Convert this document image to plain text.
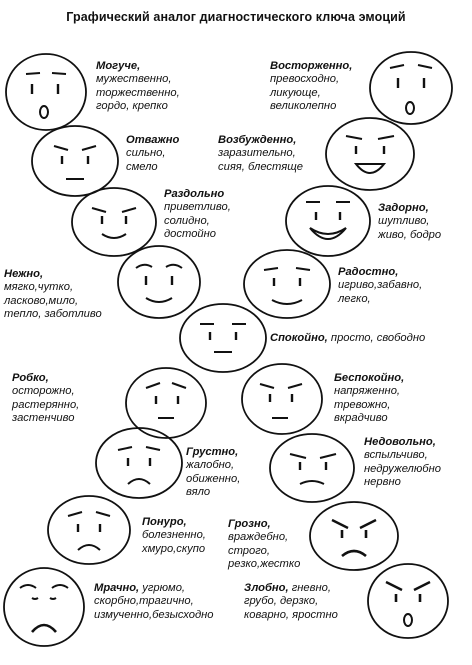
Графический аналог диагностического ключа эмоций
Могуче,
мужественно,
торжественно,
гордо, крепко
Восторженно,
превосходно,
ликующе,
великолепно
Отважно
сильно,
смело
Возбужденно,
заразительно,
сияя, блестяще
Раздольно
приветливо,
солидно,
достойно
Задорно,
шутливо,
живо, бодро
Нежно,
мягко,чутко,
ласково,мило,
тепло, заботливо
Радостно,
игриво,забавно,
легко,
Спокойно, просто, свободно
Робко,
осторожно,
растерянно,
застенчиво
Беспокойно,
напряженно,
тревожно,
вкрадчиво
Грустно,
жалобно,
обиженно,
вяло
Недовольно,
вспыльчиво,
недружелюбно
нервно
Понуро,
болезненно,
хмуро,скупо
Грозно,
враждебно,
строго,
резко,жестко
Мрачно, угрюмо,
скорбно,трагично,
измученно,безысходно
Злобно, гневно,
грубо, дерзко,
коварно, яростно
